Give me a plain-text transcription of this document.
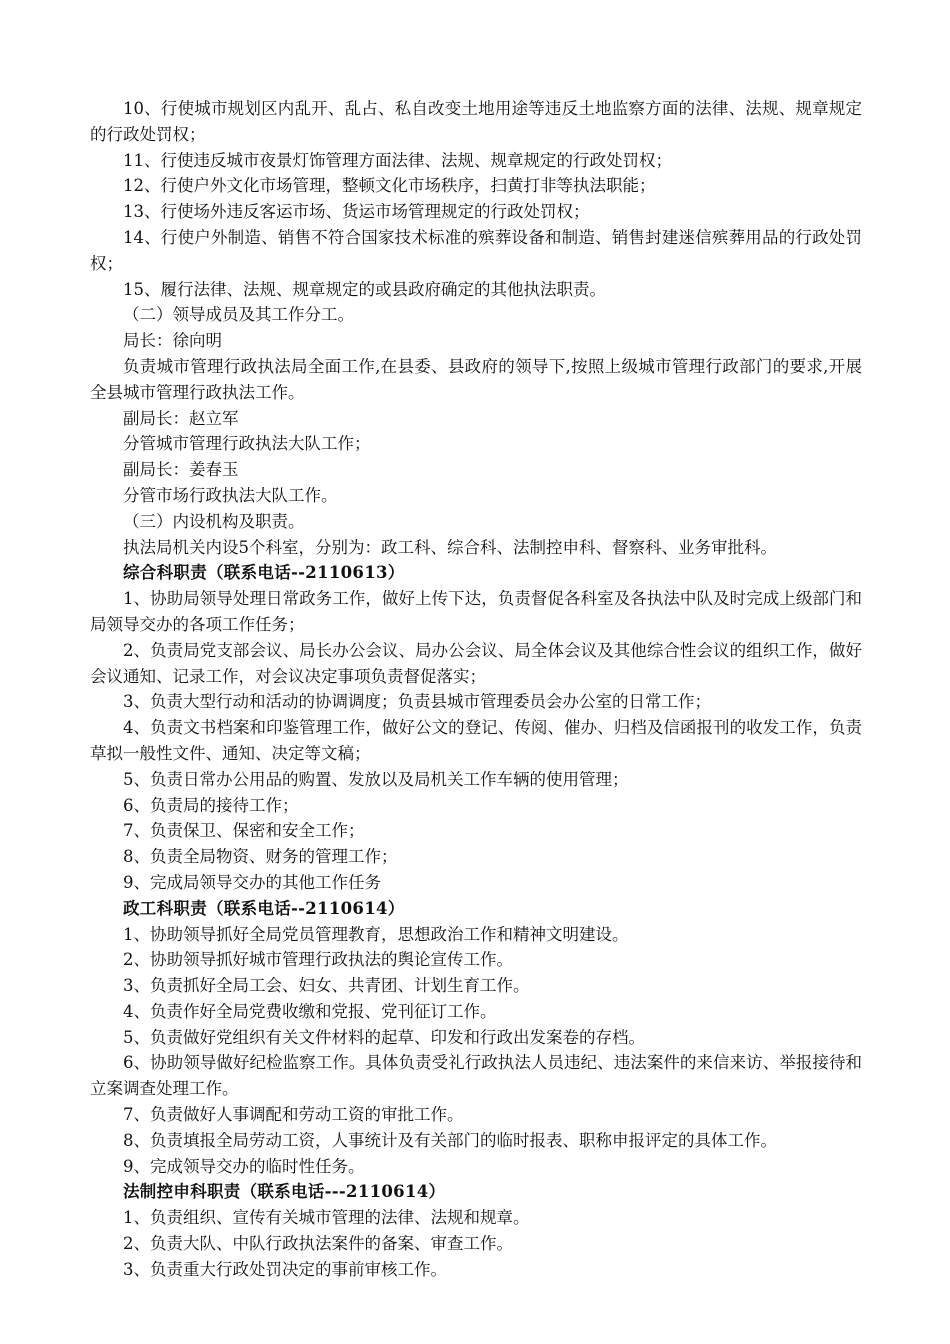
10、行使城市规划区内乱开、乱占、私自改变土地用途等违反土地监察方面的法律、法规、规章规定的行政处罚权；

11、行使违反城市夜景灯饰管理方面法律、法规、规章规定的行政处罚权；

12、行使户外文化市场管理，整顿文化市场秩序，扫黄打非等执法职能；

13、行使场外违反客运市场、货运市场管理规定的行政处罚权；

14、行使户外制造、销售不符合国家技术标准的殡葬设备和制造、销售封建迷信殡葬用品的行政处罚权；

15、履行法律、法规、规章规定的或县政府确定的其他执法职责。

（二）领导成员及其工作分工。

局长：徐向明

负责城市管理行政执法局全面工作,在县委、县政府的领导下,按照上级城市管理行政部门的要求,开展全县城市管理行政执法工作。

副局长：赵立军

分管城市管理行政执法大队工作；

副局长：姜春玉

分管市场行政执法大队工作。

（三）内设机构及职责。

执法局机关内设5个科室，分别为：政工科、综合科、法制控申科、督察科、业务审批科。

综合科职责（联系电话--2110613）

1、协助局领导处理日常政务工作，做好上传下达，负责督促各科室及各执法中队及时完成上级部门和局领导交办的各项工作任务；

2、负责局党支部会议、局长办公会议、局办公会议、局全体会议及其他综合性会议的组织工作，做好会议通知、记录工作，对会议决定事项负责督促落实；

3、负责大型行动和活动的协调调度；负责县城市管理委员会办公室的日常工作；

4、负责文书档案和印鉴管理工作，做好公文的登记、传阅、催办、归档及信函报刊的收发工作，负责草拟一般性文件、通知、决定等文稿；

5、负责日常办公用品的购置、发放以及局机关工作车辆的使用管理；

6、负责局的接待工作；

7、负责保卫、保密和安全工作；

8、负责全局物资、财务的管理工作；

9、完成局领导交办的其他工作任务

政工科职责（联系电话--2110614）

1、协助领导抓好全局党员管理教育，思想政治工作和精神文明建设。

2、协助领导抓好城市管理行政执法的舆论宣传工作。

3、负责抓好全局工会、妇女、共青团、计划生育工作。

4、负责作好全局党费收缴和党报、党刊征订工作。

5、负责做好党组织有关文件材料的起草、印发和行政出发案卷的存档。

6、协助领导做好纪检监察工作。具体负责受礼行政执法人员违纪、违法案件的来信来访、举报接待和立案调查处理工作。

7、负责做好人事调配和劳动工资的审批工作。

8、负责填报全局劳动工资，人事统计及有关部门的临时报表、职称申报评定的具体工作。

9、完成领导交办的临时性任务。

法制控申科职责（联系电话---2110614）

1、负责组织、宣传有关城市管理的法律、法规和规章。

2、负责大队、中队行政执法案件的备案、审查工作。

3、负责重大行政处罚决定的事前审核工作。
